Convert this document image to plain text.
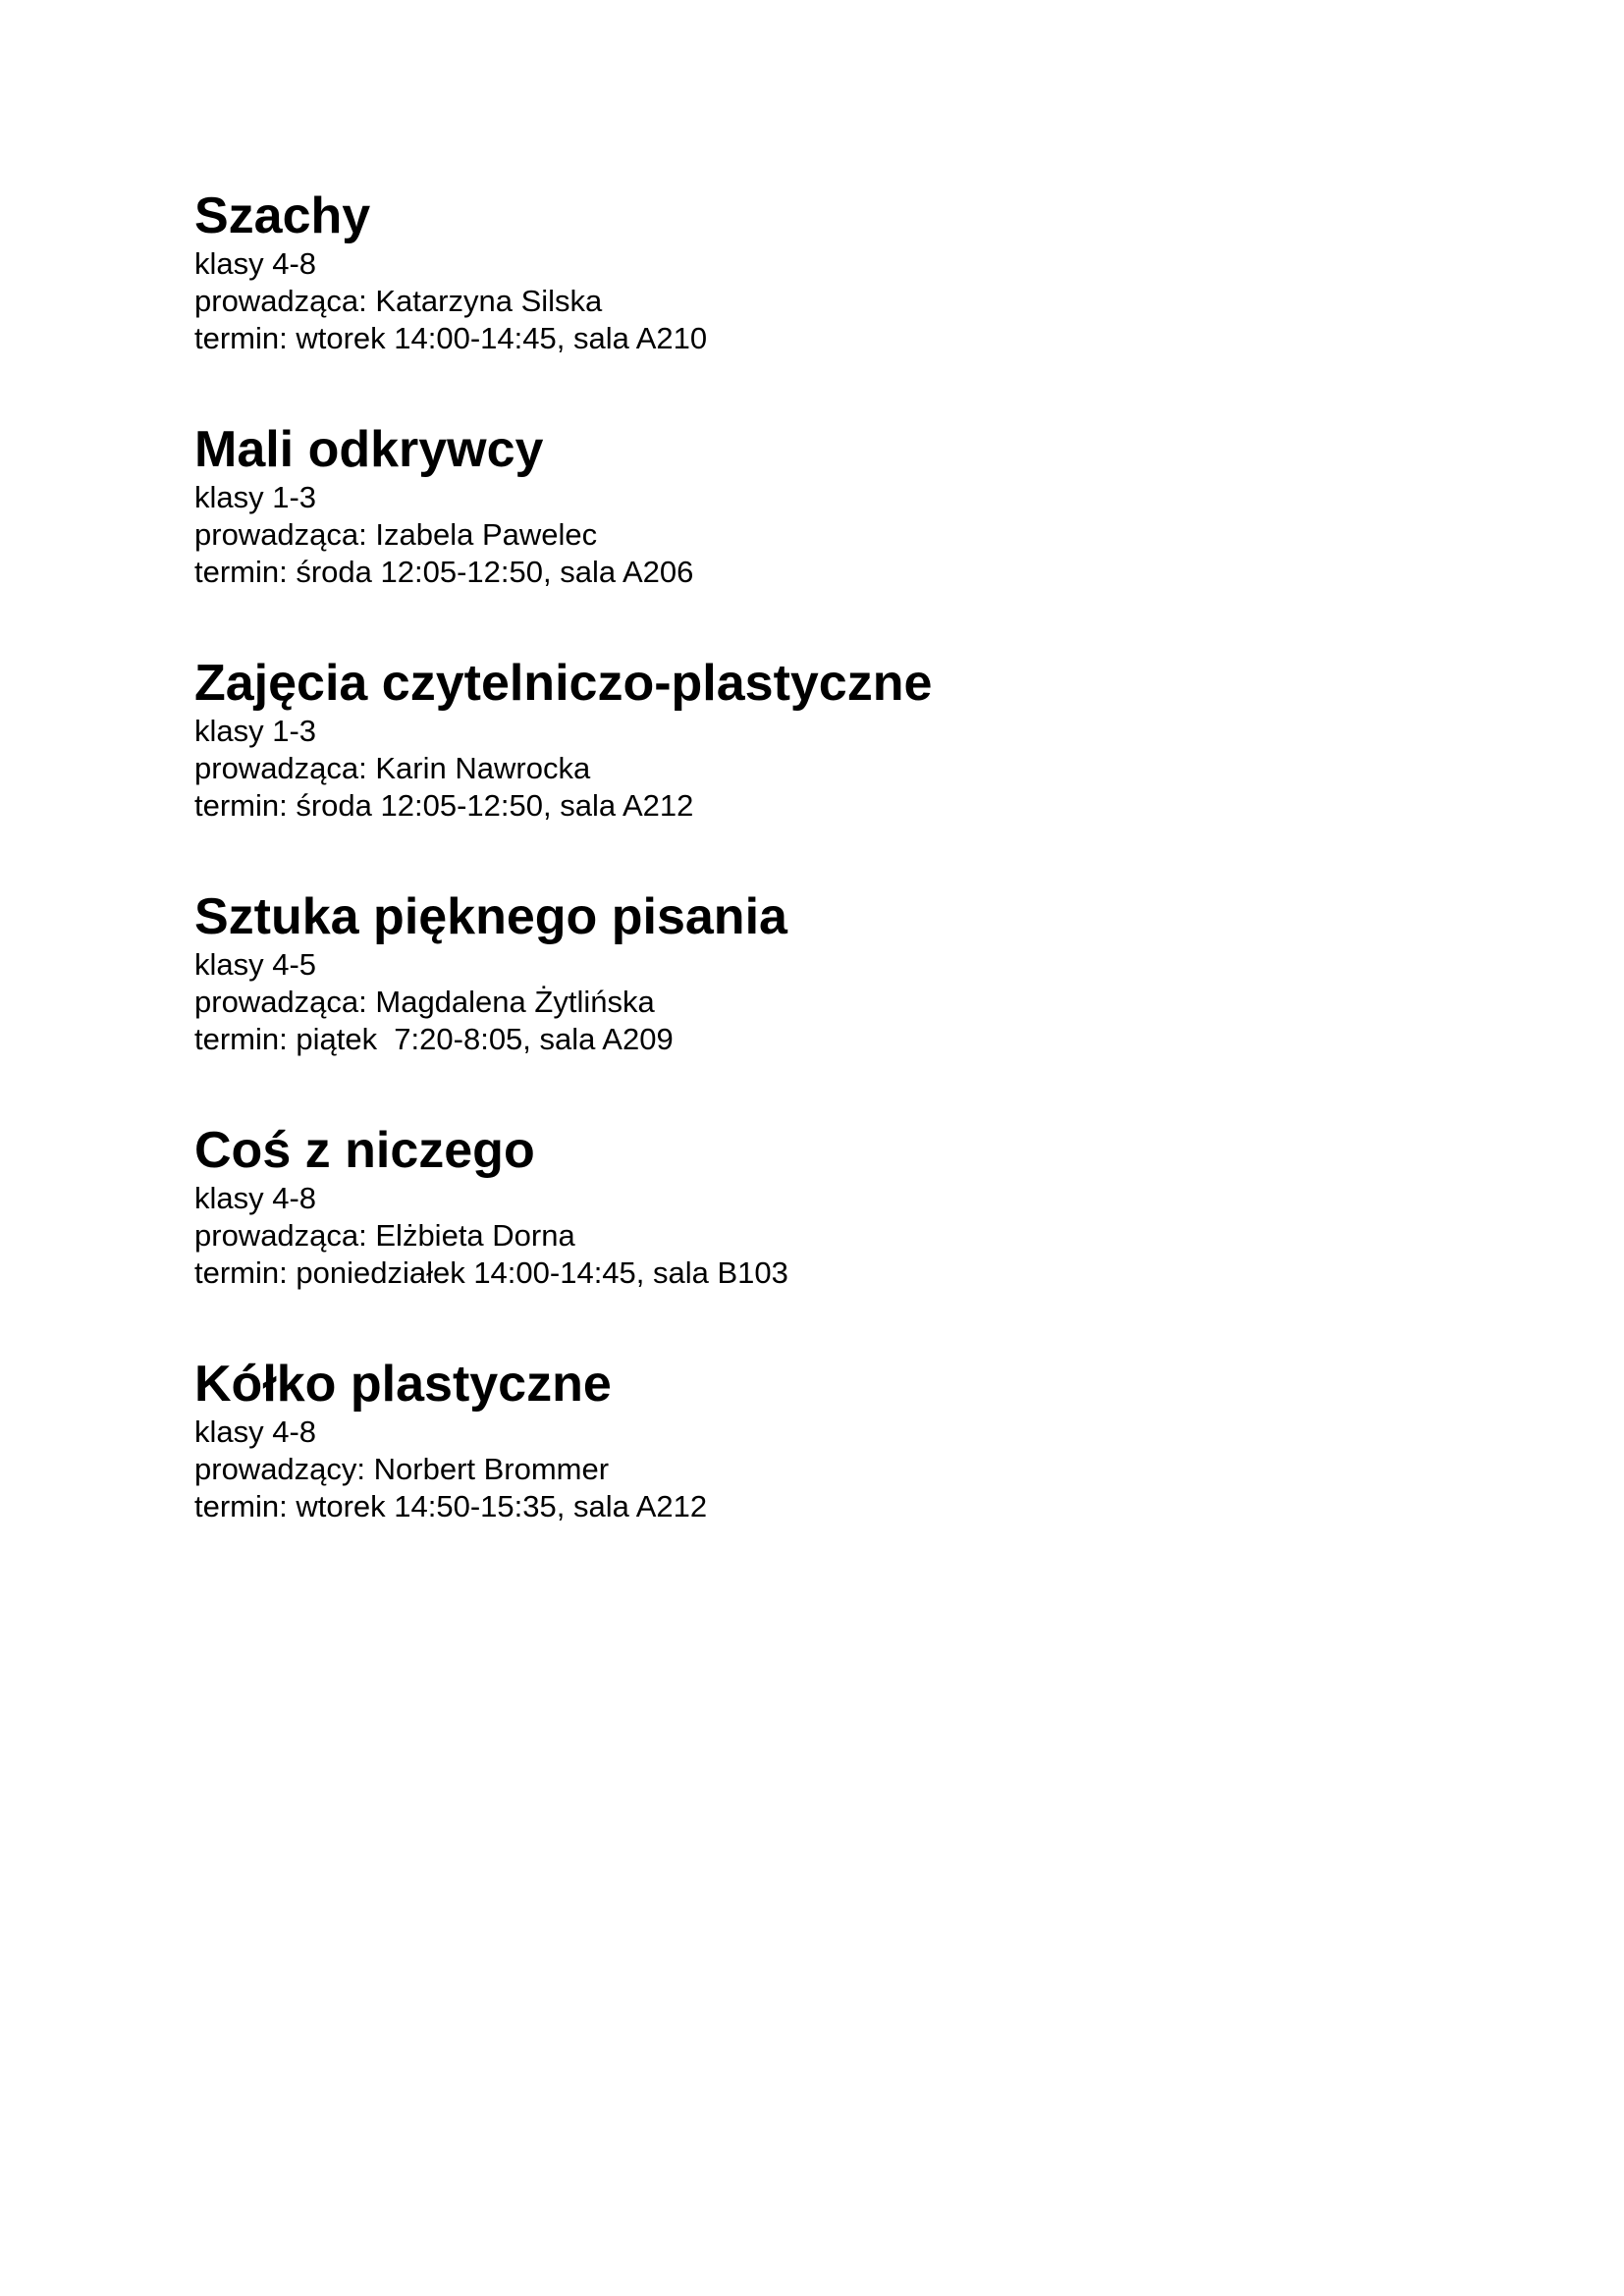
Szachy

klasy 4-8

prowadząca: Katarzyna Silska

termin: wtorek 14:00-14:45, sala A210

Mali odkrywcy

klasy 1-3

prowadząca: Izabela Pawelec

termin: środa 12:05-12:50, sala A206

Zajęcia czytelniczo-plastyczne

klasy 1-3

prowadząca: Karin Nawrocka

termin: środa 12:05-12:50, sala A212

Sztuka pięknego pisania

klasy 4-5

prowadząca: Magdalena Żytlińska

termin: piątek  7:20-8:05, sala A209

Coś z niczego

klasy 4-8

prowadząca: Elżbieta Dorna

termin: poniedziałek 14:00-14:45, sala B103

Kółko plastyczne

klasy 4-8

prowadzący: Norbert Brommer

termin: wtorek 14:50-15:35, sala A212
